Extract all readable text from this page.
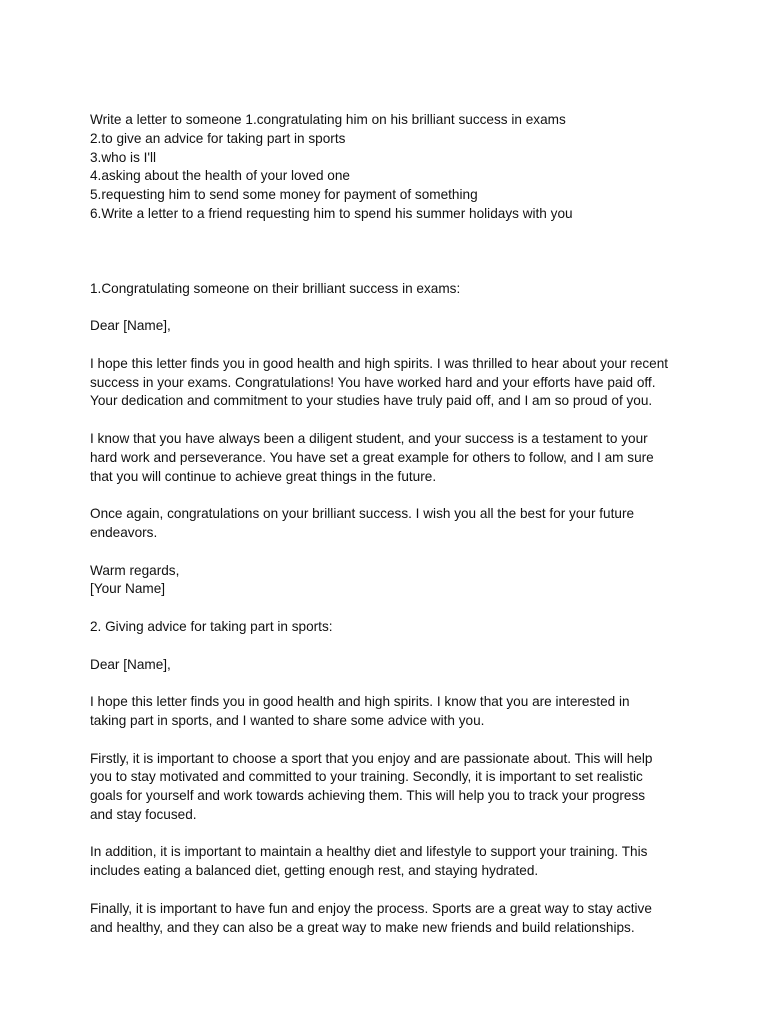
Write a letter to someone 1.congratulating him on his brilliant success in exams
2.to give an advice for taking part in sports
3.who is I'll
4.asking about the health of your loved one
5.requesting him to send some money for payment of something
6.Write a letter to a friend requesting him to spend his summer holidays with you
1.Congratulating someone on their brilliant success in exams:
Dear [Name],

I hope this letter finds you in good health and high spirits. I was thrilled to hear about your recent
success in your exams. Congratulations! You have worked hard and your efforts have paid off.
Your dedication and commitment to your studies have truly paid off, and I am so proud of you.

I know that you have always been a diligent student, and your success is a testament to your
hard work and perseverance. You have set a great example for others to follow, and I am sure
that you will continue to achieve great things in the future.

Once again, congratulations on your brilliant success. I wish you all the best for your future
endeavors.

Warm regards,
[Your Name]
2. Giving advice for taking part in sports:
Dear [Name],

I hope this letter finds you in good health and high spirits. I know that you are interested in
taking part in sports, and I wanted to share some advice with you.

Firstly, it is important to choose a sport that you enjoy and are passionate about. This will help
you to stay motivated and committed to your training. Secondly, it is important to set realistic
goals for yourself and work towards achieving them. This will help you to track your progress
and stay focused.

In addition, it is important to maintain a healthy diet and lifestyle to support your training. This
includes eating a balanced diet, getting enough rest, and staying hydrated.

Finally, it is important to have fun and enjoy the process. Sports are a great way to stay active
and healthy, and they can also be a great way to make new friends and build relationships.
